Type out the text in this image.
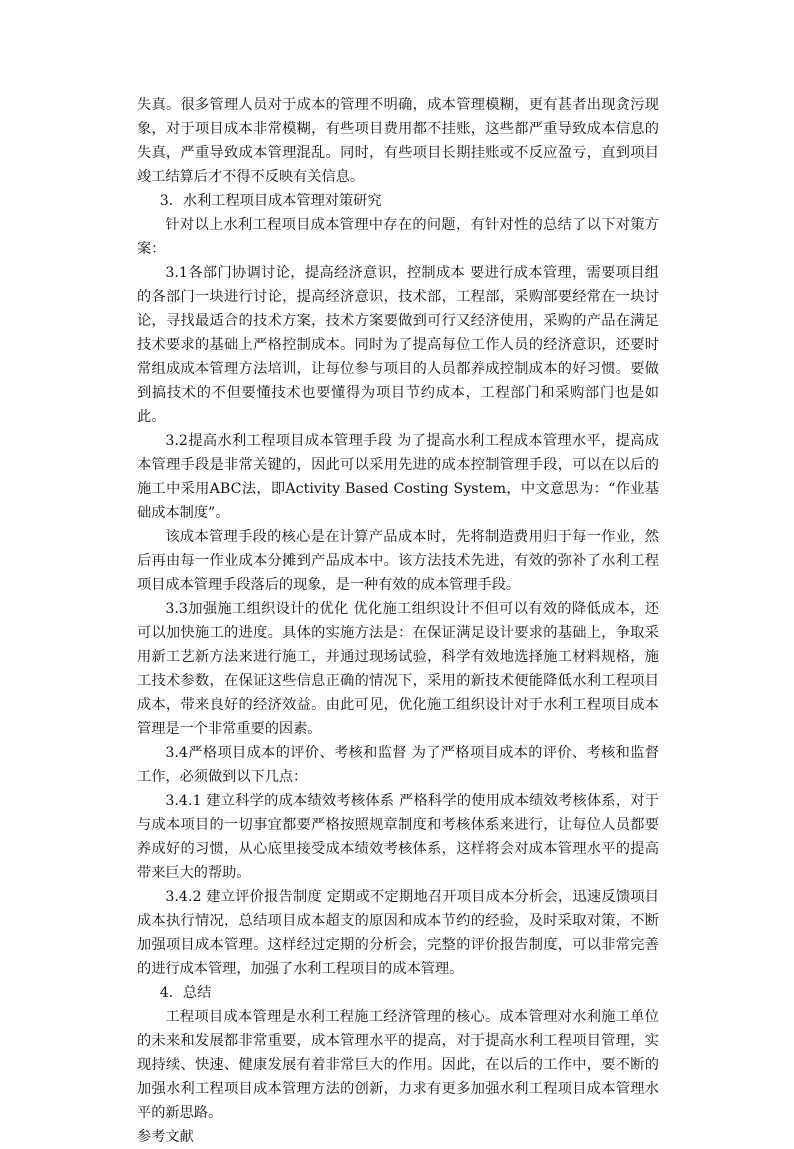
失真。很多管理人员对于成本的管理不明确，成本管理模糊，更有甚者出现贪污现象，对于项目成本非常模糊，有些项目费用都不挂账，这些都严重导致成本信息的失真，严重导致成本管理混乱。同时，有些项目长期挂账或不反应盈亏，直到项目竣工结算后才不得不反映有关信息。

3．水利工程项目成本管理对策研究

针对以上水利工程项目成本管理中存在的问题，有针对性的总结了以下对策方案：

3.1各部门协调讨论，提高经济意识，控制成本 要进行成本管理，需要项目组的各部门一块进行讨论，提高经济意识，技术部，工程部，采购部要经常在一块讨论，寻找最适合的技术方案，技术方案要做到可行又经济使用，采购的产品在满足技术要求的基础上严格控制成本。同时为了提高每位工作人员的经济意识，还要时常组成成本管理方法培训，让每位参与项目的人员都养成控制成本的好习惯。要做到搞技术的不但要懂技术也要懂得为项目节约成本，工程部门和采购部门也是如此。

3.2提高水利工程项目成本管理手段 为了提高水利工程成本管理水平，提高成本管理手段是非常关键的，因此可以采用先进的成本控制管理手段，可以在以后的施工中采用ABC法，即Activity Based Costing System，中文意思为：“作业基础成本制度”。

该成本管理手段的核心是在计算产品成本时，先将制造费用归于每一作业，然后再由每一作业成本分摊到产品成本中。该方法技术先进，有效的弥补了水利工程项目成本管理手段落后的现象，是一种有效的成本管理手段。

3.3加强施工组织设计的优化 优化施工组织设计不但可以有效的降低成本，还可以加快施工的进度。具体的实施方法是：在保证满足设计要求的基础上，争取采用新工艺新方法来进行施工，并通过现场试验，科学有效地选择施工材料规格，施工技术参数，在保证这些信息正确的情况下，采用的新技术便能降低水利工程项目成本，带来良好的经济效益。由此可见，优化施工组织设计对于水利工程项目成本管理是一个非常重要的因素。

3.4严格项目成本的评价、考核和监督 为了严格项目成本的评价、考核和监督工作，必须做到以下几点：

3.4.1 建立科学的成本绩效考核体系 严格科学的使用成本绩效考核体系，对于与成本项目的一切事宜都要严格按照规章制度和考核体系来进行，让每位人员都要养成好的习惯，从心底里接受成本绩效考核体系，这样将会对成本管理水平的提高带来巨大的帮助。

3.4.2 建立评价报告制度 定期或不定期地召开项目成本分析会，迅速反馈项目成本执行情况，总结项目成本超支的原因和成本节约的经验，及时采取对策，不断加强项目成本管理。这样经过定期的分析会，完整的评价报告制度，可以非常完善的进行成本管理，加强了水利工程项目的成本管理。

4．总结

工程项目成本管理是水利工程施工经济管理的核心。成本管理对水利施工单位的未来和发展都非常重要，成本管理水平的提高，对于提高水利工程项目管理，实现持续、快速、健康发展有着非常巨大的作用。因此，在以后的工作中，要不断的加强水利工程项目成本管理方法的创新，力求有更多加强水利工程项目成本管理水平的新思路。

参考文献
